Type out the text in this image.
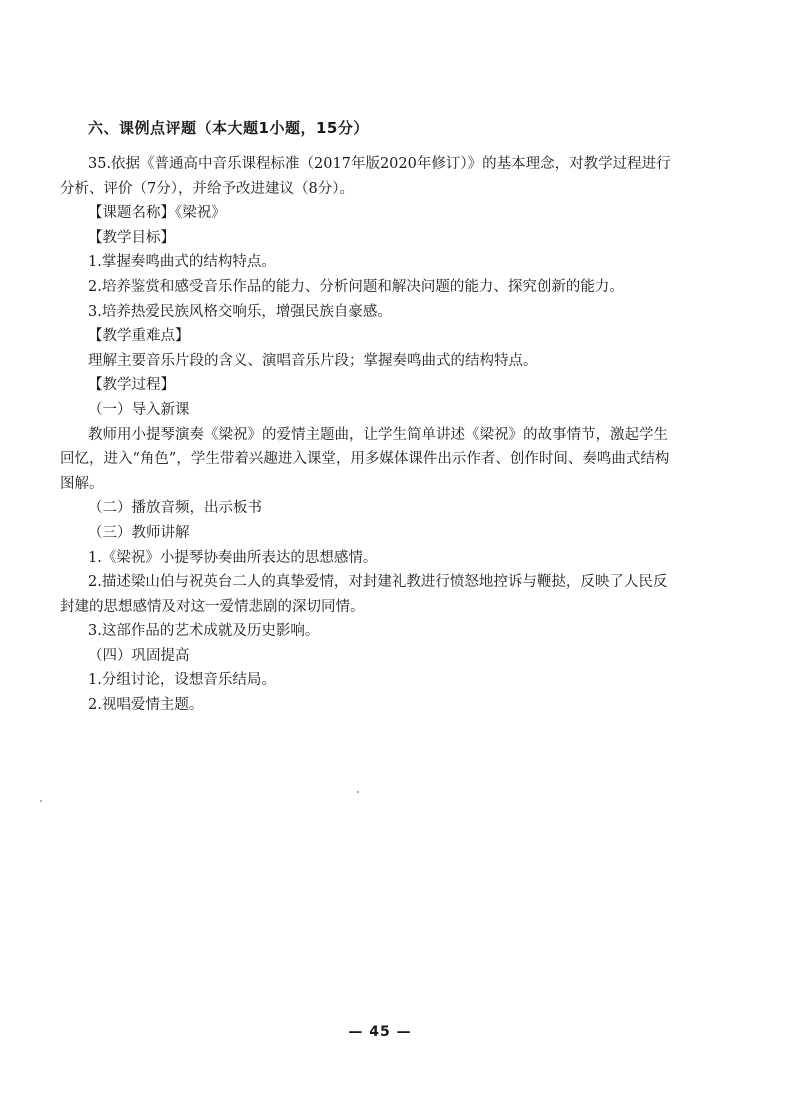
六、课例点评题（本大题1小题，15分）

35.依据《普通高中音乐课程标准（2017年版2020年修订）》的基本理念，对教学过程进行分析、评价（7分），并给予改进建议（8分）。

【课题名称】《梁祝》

【教学目标】

1.掌握奏鸣曲式的结构特点。

2.培养鉴赏和感受音乐作品的能力、分析问题和解决问题的能力、探究创新的能力。

3.培养热爱民族风格交响乐，增强民族自豪感。

【教学重难点】

理解主要音乐片段的含义、演唱音乐片段；掌握奏鸣曲式的结构特点。

【教学过程】

（一）导入新课

教师用小提琴演奏《梁祝》的爱情主题曲，让学生简单讲述《梁祝》的故事情节，激起学生回忆，进入“角色”，学生带着兴趣进入课堂，用多媒体课件出示作者、创作时间、奏鸣曲式结构图解。

（二）播放音频，出示板书

（三）教师讲解

1.《梁祝》小提琴协奏曲所表达的思想感情。

2.描述梁山伯与祝英台二人的真挚爱情，对封建礼教进行愤怒地控诉与鞭挞，反映了人民反封建的思想感情及对这一爱情悲剧的深切同情。

3.这部作品的艺术成就及历史影响。

（四）巩固提高

1.分组讨论，设想音乐结局。

2.视唱爱情主题。

— 45 —
